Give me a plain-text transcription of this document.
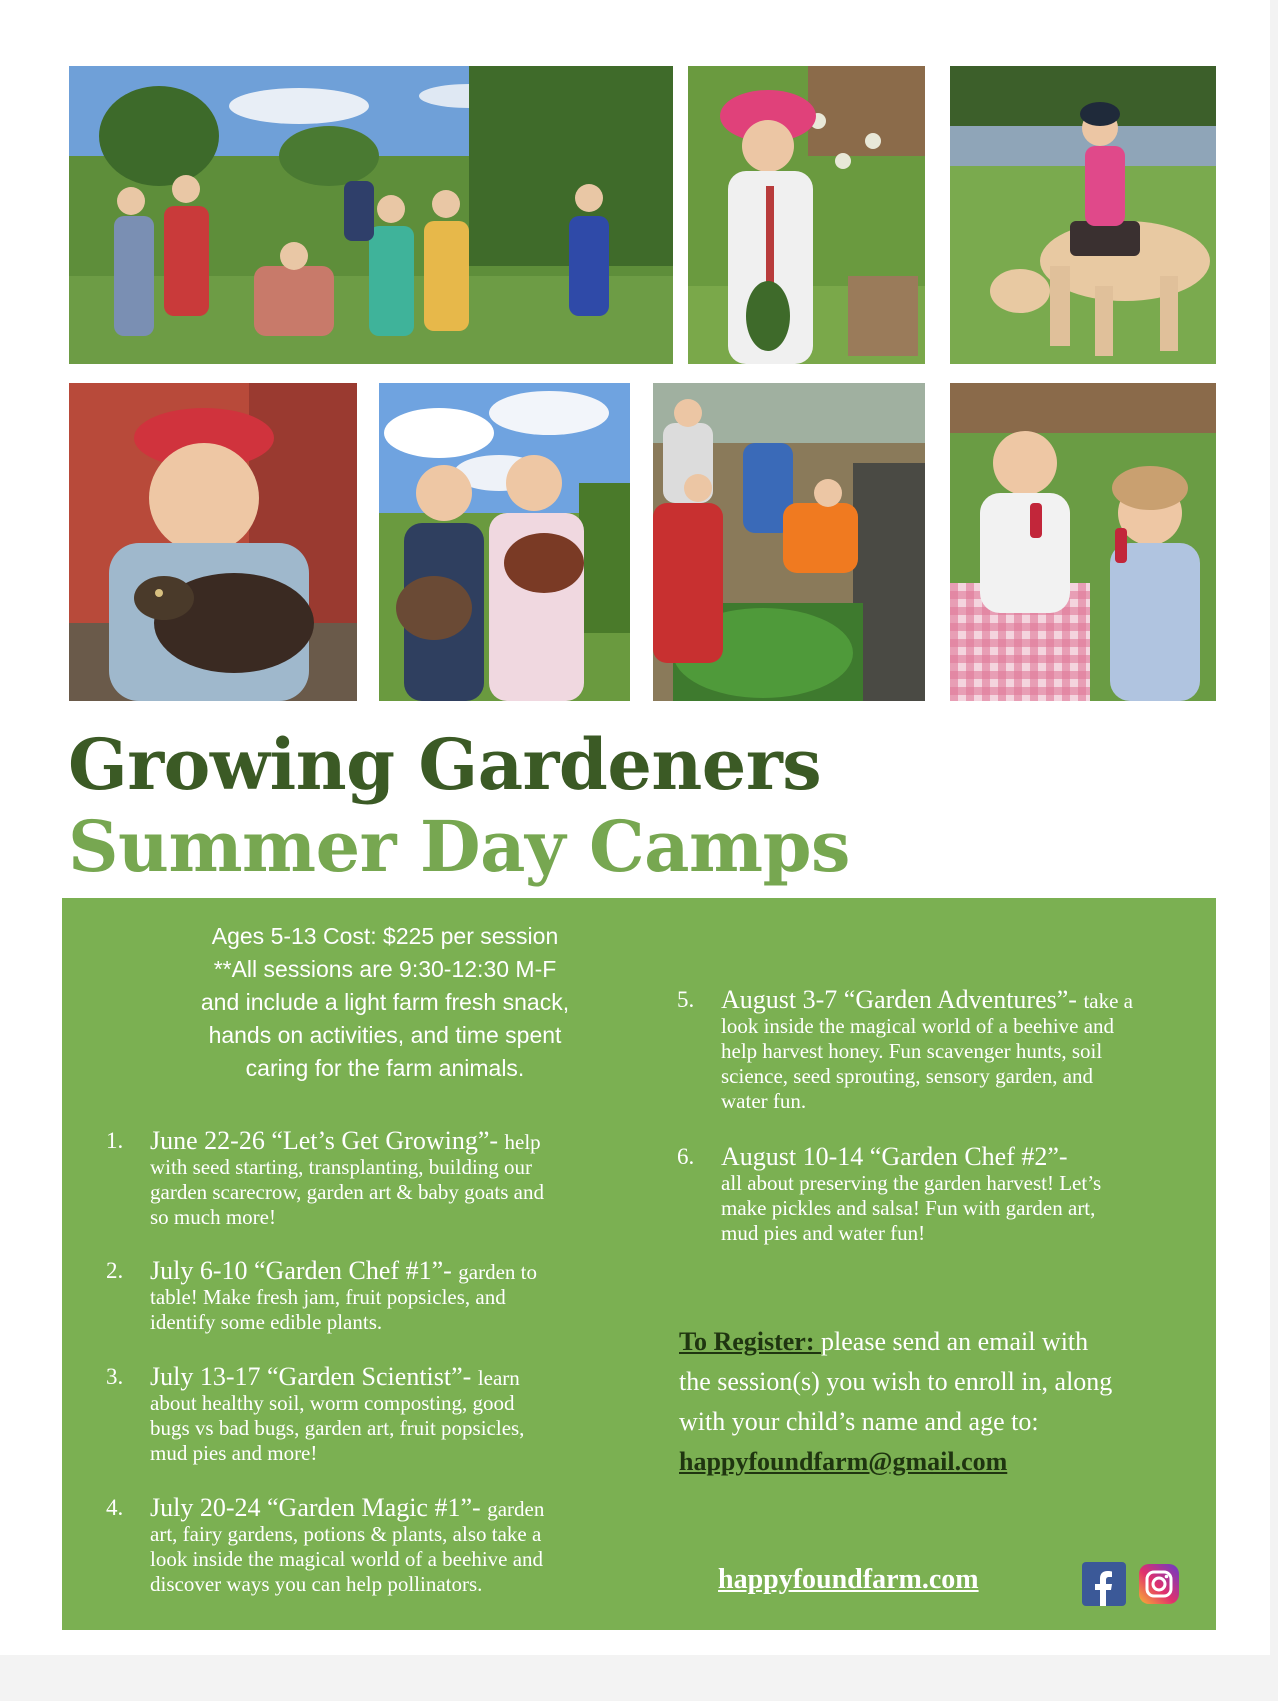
Growing Gardeners
Summer Day Camps
Ages 5-13 Cost: $225 per session
**All sessions are 9:30-12:30 M-F
and include a light farm fresh snack,
hands on activities, and time spent
caring for the farm animals.
1. June 22-26 “Let’s Get Growing”- help
with seed starting, transplanting, building our
garden scarecrow, garden art & baby goats and
so much more!
2. July 6-10 “Garden Chef #1”- garden to
table! Make fresh jam, fruit popsicles, and
identify some edible plants.
3. July 13-17 “Garden Scientist”- learn
about healthy soil, worm composting, good
bugs vs bad bugs, garden art, fruit popsicles,
mud pies and more!
4. July 20-24 “Garden Magic #1”- garden
art, fairy gardens, potions & plants, also take a
look inside the magical world of a beehive and
discover ways you can help pollinators.
5. August 3-7 “Garden Adventures”- take a
look inside the magical world of a beehive and
help harvest honey. Fun scavenger hunts, soil
science, seed sprouting, sensory garden, and
water fun.
6. August 10-14 “Garden Chef #2”-
all about preserving the garden harvest! Let’s
make pickles and salsa! Fun with garden art,
mud pies and water fun!
To Register: please send an email with
the session(s) you wish to enroll in, along
with your child’s name and age to:
happyfoundfarm@gmail.com
happyfoundfarm.com
